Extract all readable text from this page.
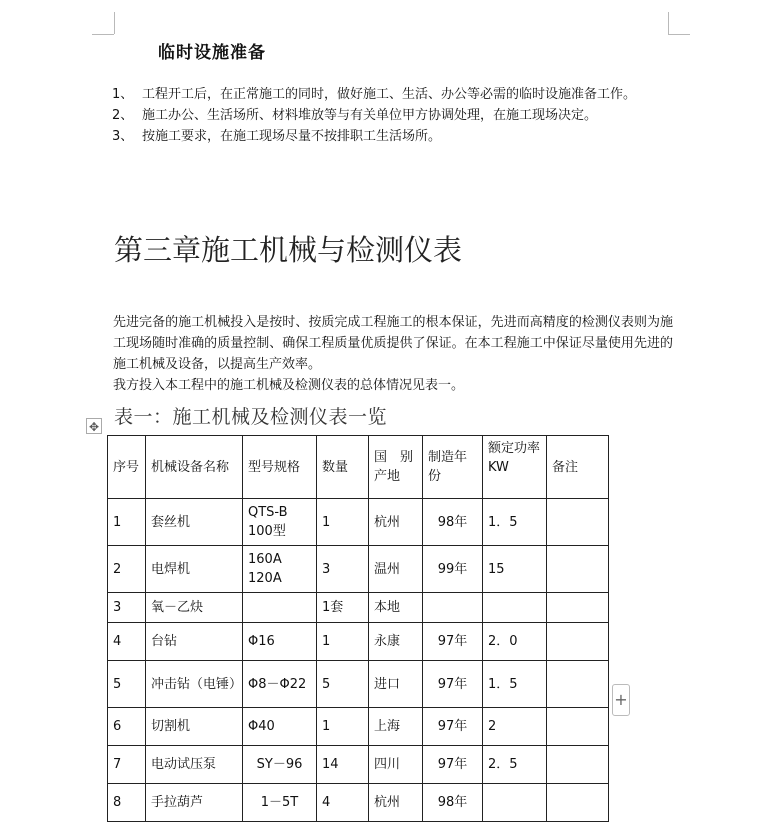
临时设施准备
1、 工程开工后，在正常施工的同时，做好施工、生活、办公等必需的临时设施准备工作。
2、 施工办公、生活场所、材料堆放等与有关单位甲方协调处理，在施工现场决定。
3、 按施工要求，在施工现场尽量不按排职工生活场所。
第三章施工机械与检测仪表
先进完备的施工机械投入是按时、按质完成工程施工的根本保证，先进而高精度的检测仪表则为施工现场随时准确的质量控制、确保工程质量优质提供了保证。在本工程施工中保证尽量使用先进的施工机械及设备，以提高生产效率。
我方投入本工程中的施工机械及检测仪表的总体情况见表一。
表一：施工机械及检测仪表一览
✥
+
序号	机械设备名称	型号规格	数量	国　别产地	制造年份	额定功率KW	备注
1	套丝机	QTS-B 100型	1	杭州	98年	1．5	
2	电焊机	160A 120A	3	温州	99年	15	
3	氧－乙炔		1套	本地			
4	台钻	Φ16	1	永康	97年	2．0	
5	冲击钻（电锤）	Φ8－Φ22	5	进口	97年	1．5	
6	切割机	Φ40	1	上海	97年	2	
7	电动试压泵	SY－96	14	四川	97年	2．5	
8	手拉葫芦	1－5T	4	杭州	98年		
